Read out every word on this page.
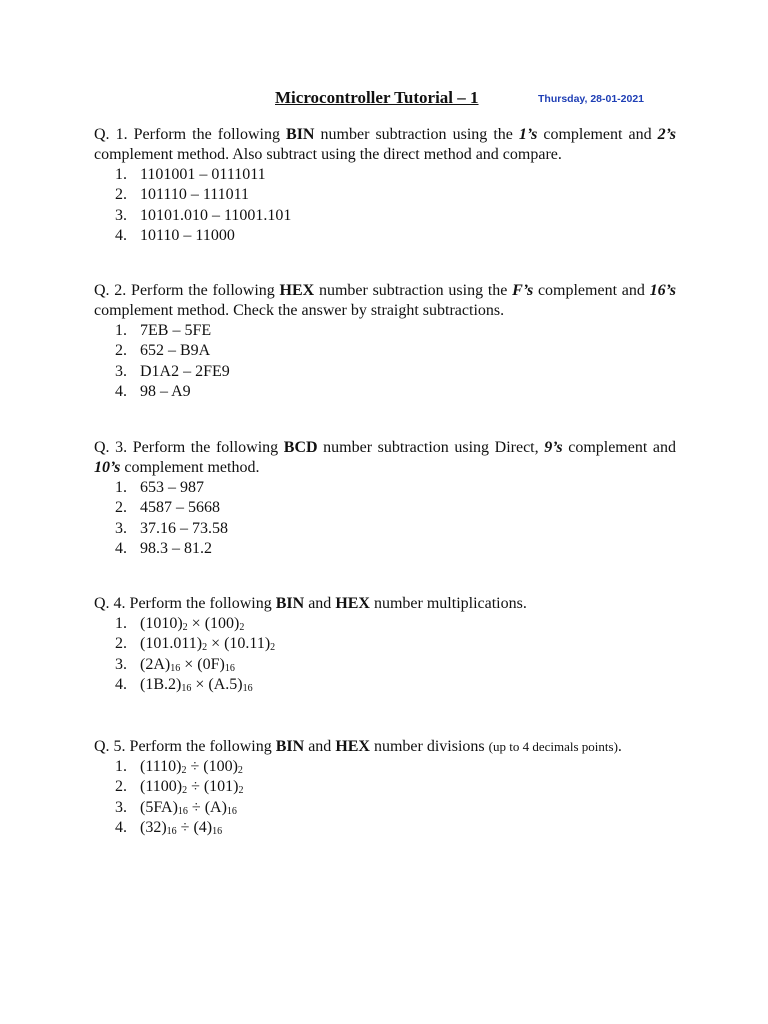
Microcontroller Tutorial – 1	Thursday, 28-01-2021
Q. 1. Perform the following BIN number subtraction using the 1’s complement and 2’s complement method. Also subtract using the direct method and compare.
1. 1101001 – 0111011
2. 101110 – 111011
3. 10101.010 – 11001.101
4. 10110 – 11000
Q. 2. Perform the following HEX number subtraction using the F’s complement and 16’s complement method. Check the answer by straight subtractions.
1. 7EB – 5FE
2. 652 – B9A
3. D1A2 – 2FE9
4. 98 – A9
Q. 3. Perform the following BCD number subtraction using Direct, 9’s complement and 10’s complement method.
1. 653 – 987
2. 4587 – 5668
3. 37.16 – 73.58
4. 98.3 – 81.2
Q. 4. Perform the following BIN and HEX number multiplications.
1. $(1010)_2 \times (100)_2$
2. $(101.011)_2 \times (10.11)_2$
3. $(2A)_{16} \times (0F)_{16}$
4. $(1B.2)_{16} \times (A.5)_{16}$
Q. 5. Perform the following BIN and HEX number divisions (up to 4 decimals points).
1. $(1110)_2 \div (100)_2$
2. $(1100)_2 \div (101)_2$
3. $(5FA)_{16} \div (A)_{16}$
4. $(32)_{16} \div (4)_{16}$
